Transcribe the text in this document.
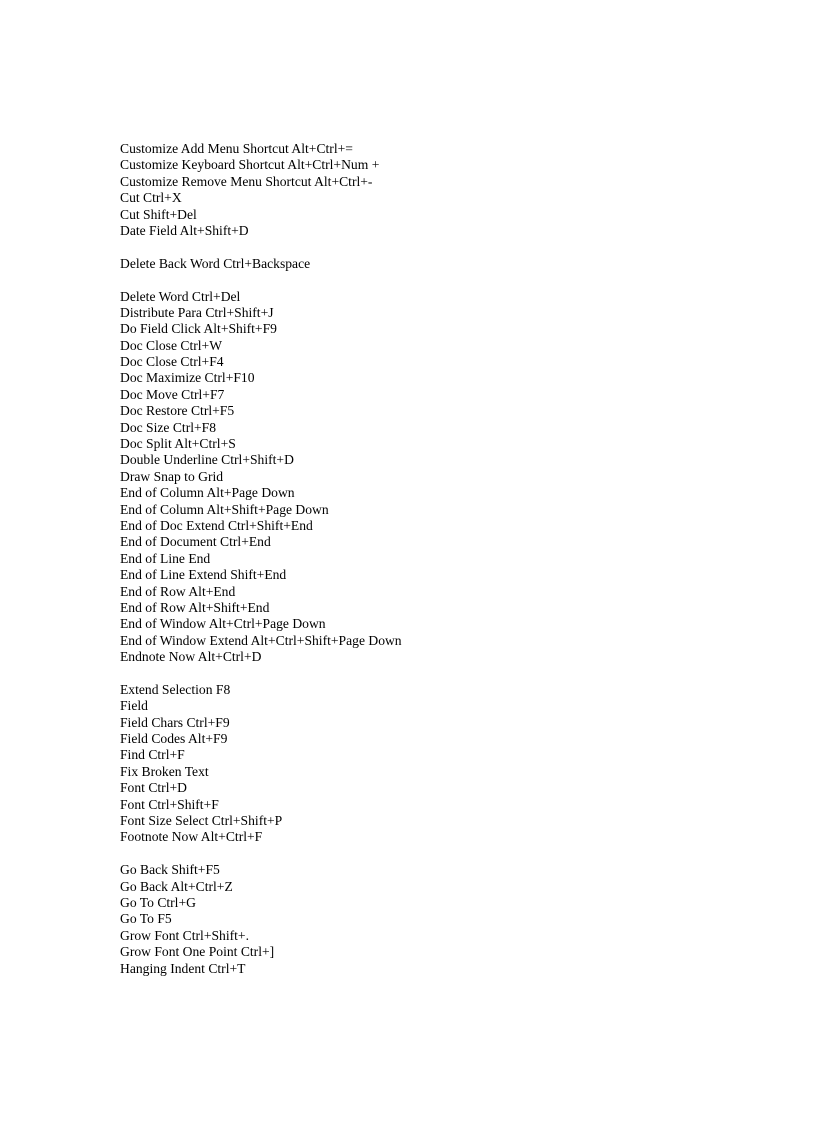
Customize Add Menu Shortcut Alt+Ctrl+=
Customize Keyboard Shortcut Alt+Ctrl+Num +
Customize Remove Menu Shortcut Alt+Ctrl+-
Cut Ctrl+X
Cut Shift+Del
Date Field Alt+Shift+D
Delete Back Word Ctrl+Backspace
Delete Word Ctrl+Del
Distribute Para Ctrl+Shift+J
Do Field Click Alt+Shift+F9
Doc Close Ctrl+W
Doc Close Ctrl+F4
Doc Maximize Ctrl+F10
Doc Move Ctrl+F7
Doc Restore Ctrl+F5
Doc Size Ctrl+F8
Doc Split Alt+Ctrl+S
Double Underline Ctrl+Shift+D
Draw Snap to Grid
End of Column Alt+Page Down
End of Column Alt+Shift+Page Down
End of Doc Extend Ctrl+Shift+End
End of Document Ctrl+End
End of Line End
End of Line Extend Shift+End
End of Row Alt+End
End of Row Alt+Shift+End
End of Window Alt+Ctrl+Page Down
End of Window Extend Alt+Ctrl+Shift+Page Down
Endnote Now Alt+Ctrl+D
Extend Selection F8
Field
Field Chars Ctrl+F9
Field Codes Alt+F9
Find Ctrl+F
Fix Broken Text
Font Ctrl+D
Font Ctrl+Shift+F
Font Size Select Ctrl+Shift+P
Footnote Now Alt+Ctrl+F
Go Back Shift+F5
Go Back Alt+Ctrl+Z
Go To Ctrl+G
Go To F5
Grow Font Ctrl+Shift+.
Grow Font One Point Ctrl+]
Hanging Indent Ctrl+T
